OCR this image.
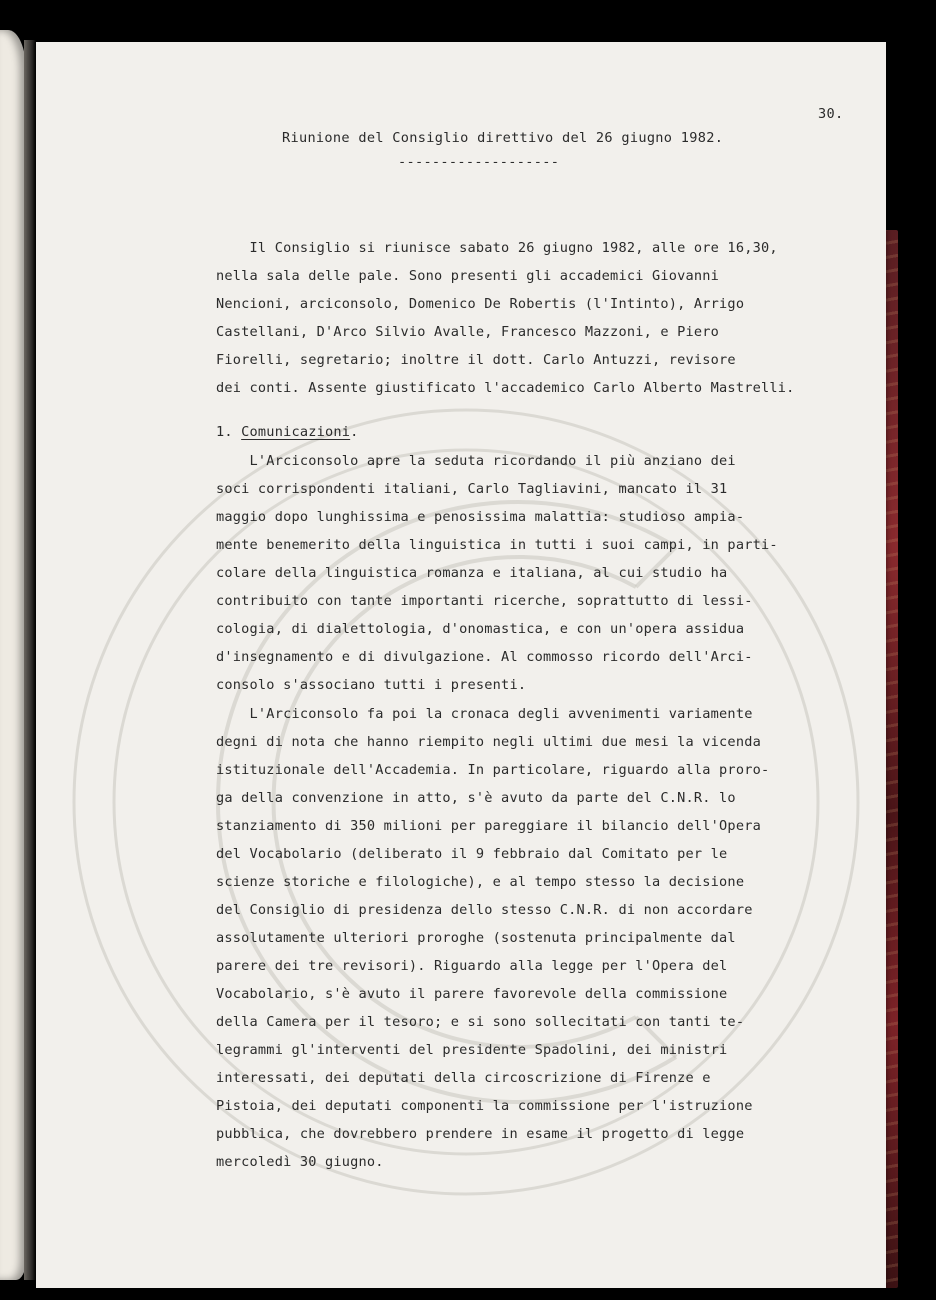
30.
Riunione del Consiglio direttivo del 26 giugno 1982.
-------------------
Il Consiglio si riunisce sabato 26 giugno 1982, alle ore 16,30,
nella sala delle pale. Sono presenti gli accademici Giovanni
Nencioni, arciconsolo, Domenico De Robertis (l'Intinto), Arrigo
Castellani, D'Arco Silvio Avalle, Francesco Mazzoni, e Piero
Fiorelli, segretario; inoltre il dott. Carlo Antuzzi, revisore
dei conti. Assente giustificato l'accademico Carlo Alberto Mastrelli.
1. Comunicazioni.
L'Arciconsolo apre la seduta ricordando il più anziano dei
soci corrispondenti italiani, Carlo Tagliavini, mancato il 31
maggio dopo lunghissima e penosissima malattia: studioso ampia-
mente benemerito della linguistica in tutti i suoi campi, in parti-
colare della linguistica romanza e italiana, al cui studio ha
contribuito con tante importanti ricerche, soprattutto di lessi-
cologia, di dialettologia, d'onomastica, e con un'opera assidua
d'insegnamento e di divulgazione. Al commosso ricordo dell'Arci-
consolo s'associano tutti i presenti.
L'Arciconsolo fa poi la cronaca degli avvenimenti variamente
degni di nota che hanno riempito negli ultimi due mesi la vicenda
istituzionale dell'Accademia. In particolare, riguardo alla proro-
ga della convenzione in atto, s'è avuto da parte del C.N.R. lo
stanziamento di 350 milioni per pareggiare il bilancio dell'Opera
del Vocabolario (deliberato il 9 febbraio dal Comitato per le
scienze storiche e filologiche), e al tempo stesso la decisione
del Consiglio di presidenza dello stesso C.N.R. di non accordare
assolutamente ulteriori proroghe (sostenuta principalmente dal
parere dei tre revisori). Riguardo alla legge per l'Opera del
Vocabolario, s'è avuto il parere favorevole della commissione
della Camera per il tesoro; e si sono sollecitati con tanti te-
legrammi gl'interventi del presidente Spadolini, dei ministri
interessati, dei deputati della circoscrizione di Firenze e
Pistoia, dei deputati componenti la commissione per l'istruzione
pubblica, che dovrebbero prendere in esame il progetto di legge
mercoledì 30 giugno.
